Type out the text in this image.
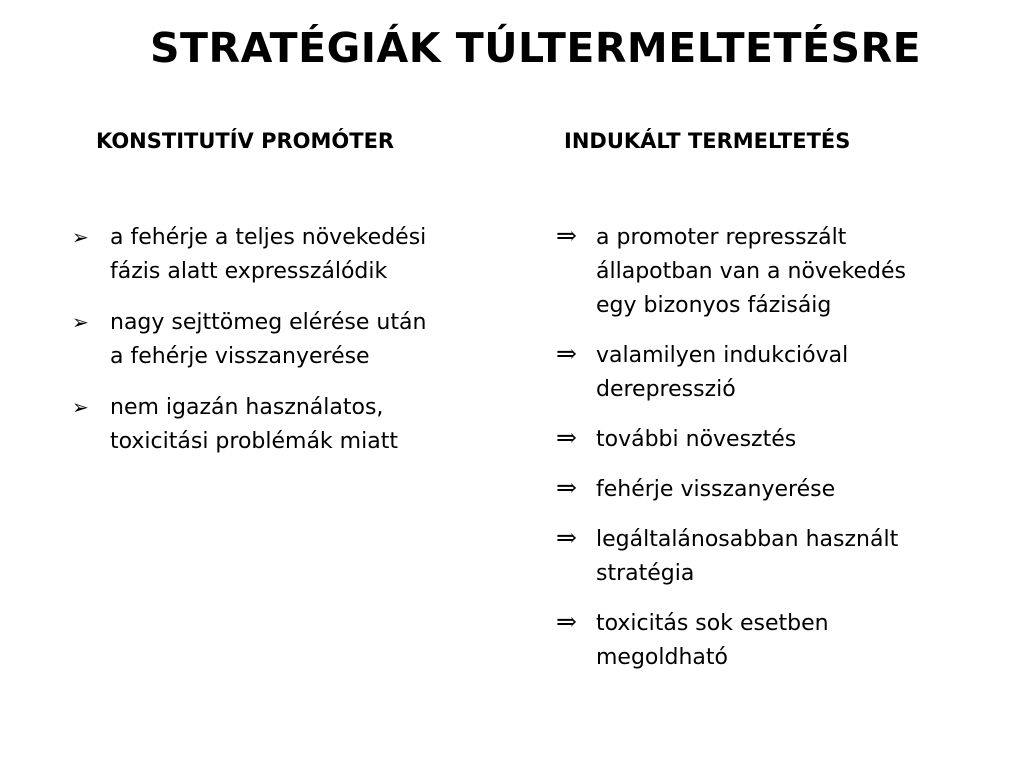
STRATÉGIÁK TÚLTERMELTETÉSRE
KONSTITUTÍV PROMÓTER	INDUKÁLT TERMELTETÉS
➢ a fehérje a teljes növekedési
fázis alatt expresszálódik
➢ nagy sejttömeg elérése után
a fehérje visszanyerése
➢ nem igazán használatos,
toxicitási problémák miatt
⇒ a promoter represszált
állapotban van a növekedés
egy bizonyos fázisáig
⇒ valamilyen indukcióval
derepresszió
⇒ további növesztés
⇒ fehérje visszanyerése
⇒ legáltalánosabban használt
stratégia
⇒ toxicitás sok esetben
megoldható
